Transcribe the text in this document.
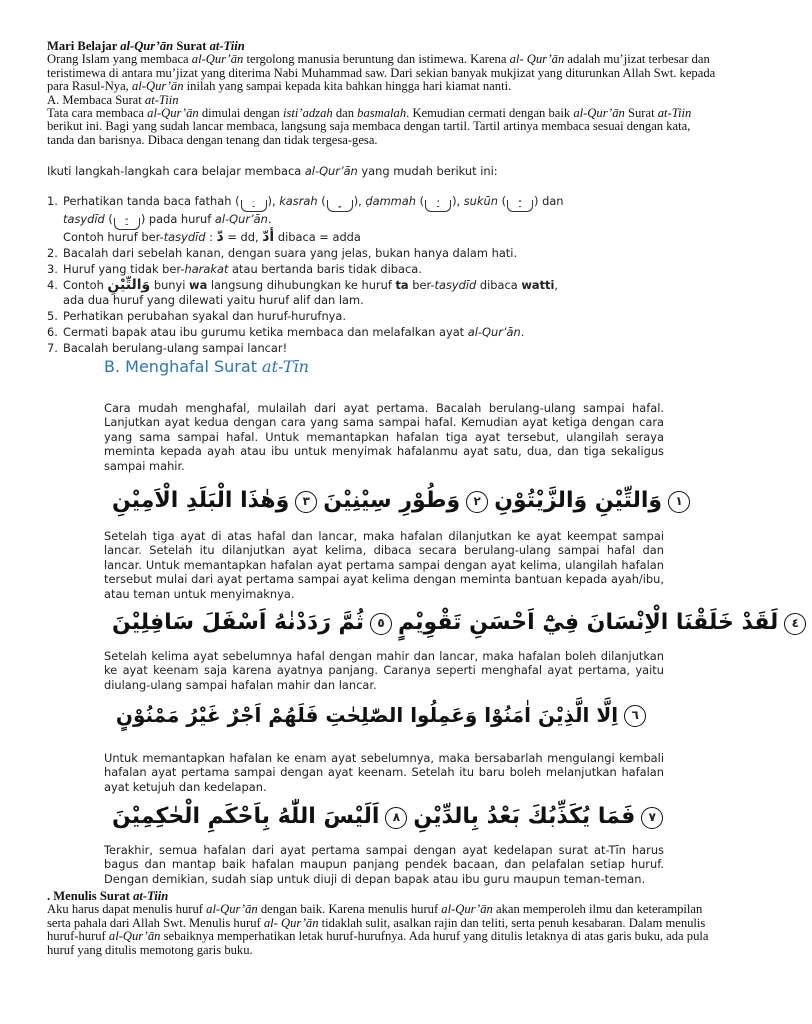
Mari Belajar al-Qur’ān Surat at-Tiin

Orang Islam yang membaca al-Qur’ān tergolong manusia beruntung dan istimewa. Karena al- Qur’ān adalah mu’jizat terbesar dan teristimewa di antara mu’jizat yang diterima Nabi Muhammad saw. Dari sekian banyak mukjizat yang diturunkan Allah Swt. kepada para Rasul-Nya, al-Qur’ān inilah yang sampai kepada kita bahkan hingga hari kiamat nanti.

A. Membaca Surat at-Tiin

Tata cara membaca al-Qur’ān dimulai dengan isti’adzah dan basmalah. Kemudian cermati dengan baik al-Qur’ān Surat at-Tiin berikut ini. Bagi yang sudah lancar membaca, langsung saja membaca dengan tartil. Tartil artinya membaca sesuai dengan kata, tanda dan barisnya. Dibaca dengan tenang dan tidak tergesa-gesa.

Ikuti langkah-langkah cara belajar membaca al-Qur’ān yang mudah berikut ini:
1. Perhatikan tanda baca fathah ( ـَ ), kasrah ( ـِ ), ḍammah ( ـُ ), sukūn ( ـْ ) dan
tasydīd ( ـّ ) pada huruf al-Qur’ān.
Contoh huruf ber-tasydīd : دّ = dd, أدّ dibaca = adda
2. Bacalah dari sebelah kanan, dengan suara yang jelas, bukan hanya dalam hati.
3. Huruf yang tidak ber-harakat atau bertanda baris tidak dibaca.
4. Contoh وَالتِّيْنِ bunyi wa langsung dihubungkan ke huruf ta ber-tasydīd dibaca watti,
ada dua huruf yang dilewati yaitu huruf alif dan lam.
5. Perhatikan perubahan syakal dan huruf-hurufnya.
6. Cermati bapak atau ibu gurumu ketika membaca dan melafalkan ayat al-Qur’ān.
7. Bacalah berulang-ulang sampai lancar!
B. Menghafal Surat at-Tīn

Cara mudah menghafal, mulailah dari ayat pertama. Bacalah berulang-ulang sampai hafal. Lanjutkan ayat kedua dengan cara yang sama sampai hafal. Kemudian ayat ketiga dengan cara yang sama sampai hafal. Untuk memantapkan hafalan tiga ayat tersebut, ulangilah seraya meminta kepada ayah atau ibu untuk menyimak hafalanmu ayat satu, dua, dan tiga sekaligus sampai mahir.

وَهٰذَا الْبَلَدِ الْاَمِيْنِ	٣ وَطُوْرِ سِيْنِيْنَ	٢ وَالتِّيْنِ وَالزَّيْتُوْنِ	١

Setelah tiga ayat di atas hafal dan lancar, maka hafalan dilanjutkan ke ayat keempat sampai lancar. Setelah itu dilanjutkan ayat kelima, dibaca secara berulang-ulang sampai hafal dan lancar. Untuk memantapkan hafalan ayat pertama sampai dengan ayat kelima, ulangilah hafalan tersebut mulai dari ayat pertama sampai ayat kelima dengan meminta bantuan kepada ayah/ibu, atau teman untuk menyimaknya.

ثُمَّ رَدَدْنٰهُ اَسْفَلَ سَافِلِيْنَ	٥ لَقَدْ خَلَقْنَا الْاِنْسَانَ فِيْٓ اَحْسَنِ تَقْوِيْمٍ	٤

Setelah kelima ayat sebelumnya hafal dengan mahir dan lancar, maka hafalan boleh dilanjutkan ke ayat keenam saja karena ayatnya panjang. Caranya seperti menghafal ayat pertama, yaitu diulang-ulang sampai hafalan mahir dan lancar.

اِلَّا الَّذِيْنَ اٰمَنُوْا وَعَمِلُوا الصّٰلِحٰتِ فَلَهُمْ اَجْرٌ غَيْرُ مَمْنُوْنٍ	٦

Untuk memantapkan hafalan ke enam ayat sebelumnya, maka bersabarlah mengulangi kembali hafalan ayat pertama sampai dengan ayat keenam. Setelah itu baru boleh melanjutkan hafalan ayat ketujuh dan kedelapan.

اَلَيْسَ اللّٰهُ بِاَحْكَمِ الْحٰكِمِيْنَ	٨ فَمَا يُكَذِّبُكَ بَعْدُ بِالدِّيْنِ	٧

Terakhir, semua hafalan dari ayat pertama sampai dengan ayat kedelapan surat at-Tīn harus bagus dan mantap baik hafalan maupun panjang pendek bacaan, dan pelafalan setiap huruf. Dengan demikian, sudah siap untuk diuji di depan bapak atau ibu guru maupun teman-teman.

. Menulis Surat at-Tiin

Aku harus dapat menulis huruf al-Qur’ān dengan baik. Karena menulis huruf al-Qur’ān akan memperoleh ilmu dan keterampilan serta pahala dari Allah Swt. Menulis huruf al- Qur’ān tidaklah sulit, asalkan rajin dan teliti, serta penuh kesabaran. Dalam menulis huruf-huruf al-Qur’ān sebaiknya memperhatikan letak huruf-hurufnya. Ada huruf yang ditulis letaknya di atas garis buku, ada pula huruf yang ditulis memotong garis buku.
